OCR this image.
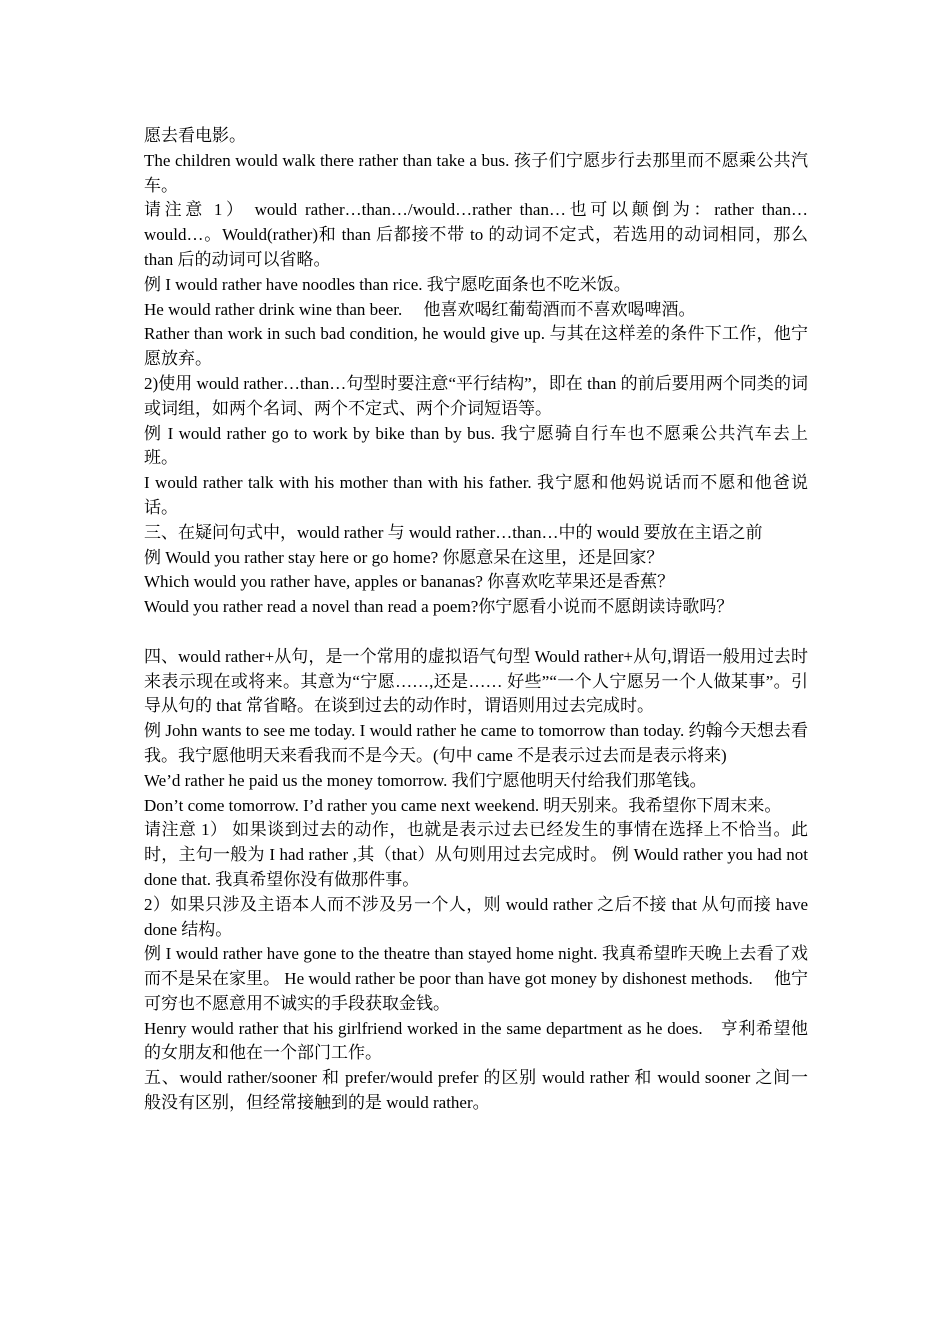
愿去看电影。

The children would walk there rather than take a bus. 孩子们宁愿步行去那里而不愿乘公共汽车。

请注意 1） would rather…than…/would…rather than…也可以颠倒为：rather than…would…。Would(rather)和 than 后都接不带 to 的动词不定式，若选用的动词相同，那么 than 后的动词可以省略。

例 I would rather have noodles than rice. 我宁愿吃面条也不吃米饭。

He would rather drink wine than beer.　 他喜欢喝红葡萄酒而不喜欢喝啤酒。

Rather than work in such bad condition, he would give up. 与其在这样差的条件下工作，他宁愿放弃。

2)使用 would rather…than…句型时要注意“平行结构”，即在 than 的前后要用两个同类的词或词组，如两个名词、两个不定式、两个介词短语等。

例 I would rather go to work by bike than by bus. 我宁愿骑自行车也不愿乘公共汽车去上班。

I would rather talk with his mother than with his father. 我宁愿和他妈说话而不愿和他爸说话。

三、在疑问句式中，would rather 与 would rather…than…中的 would 要放在主语之前

例 Would you rather stay here or go home? 你愿意呆在这里，还是回家？

Which would you rather have, apples or bananas? 你喜欢吃苹果还是香蕉？

Would you rather read a novel than read a poem?你宁愿看小说而不愿朗读诗歌吗？

四、would rather+从句，是一个常用的虚拟语气句型 Would rather+从句,谓语一般用过去时来表示现在或将来。其意为“宁愿……,还是…… 好些”“一个人宁愿另一个人做某事”。引导从句的 that 常省略。在谈到过去的动作时，谓语则用过去完成时。

例 John wants to see me today. I would rather he came to tomorrow than today. 约翰今天想去看我。我宁愿他明天来看我而不是今天。(句中 came 不是表示过去而是表示将来)

We’d rather he paid us the money tomorrow. 我们宁愿他明天付给我们那笔钱。

Don’t come tomorrow. I’d rather you came next weekend. 明天别来。我希望你下周末来。

请注意 1） 如果谈到过去的动作，也就是表示过去已经发生的事情在选择上不恰当。此时，主句一般为 I had rather ,其（that）从句则用过去完成时。 例 Would rather you had not done that. 我真希望你没有做那件事。

2）如果只涉及主语本人而不涉及另一个人，则 would rather 之后不接 that 从句而接 have done 结构。

例 I would rather have gone to the theatre than stayed home night. 我真希望昨天晚上去看了戏而不是呆在家里。 He would rather be poor than have got money by dishonest methods.　 他宁可穷也不愿意用不诚实的手段获取金钱。

Henry would rather that his girlfriend worked in the same department as he does.　亨利希望他的女朋友和他在一个部门工作。

五、would rather/sooner 和 prefer/would prefer 的区别 would rather 和 would sooner 之间一般没有区别，但经常接触到的是 would rather。
